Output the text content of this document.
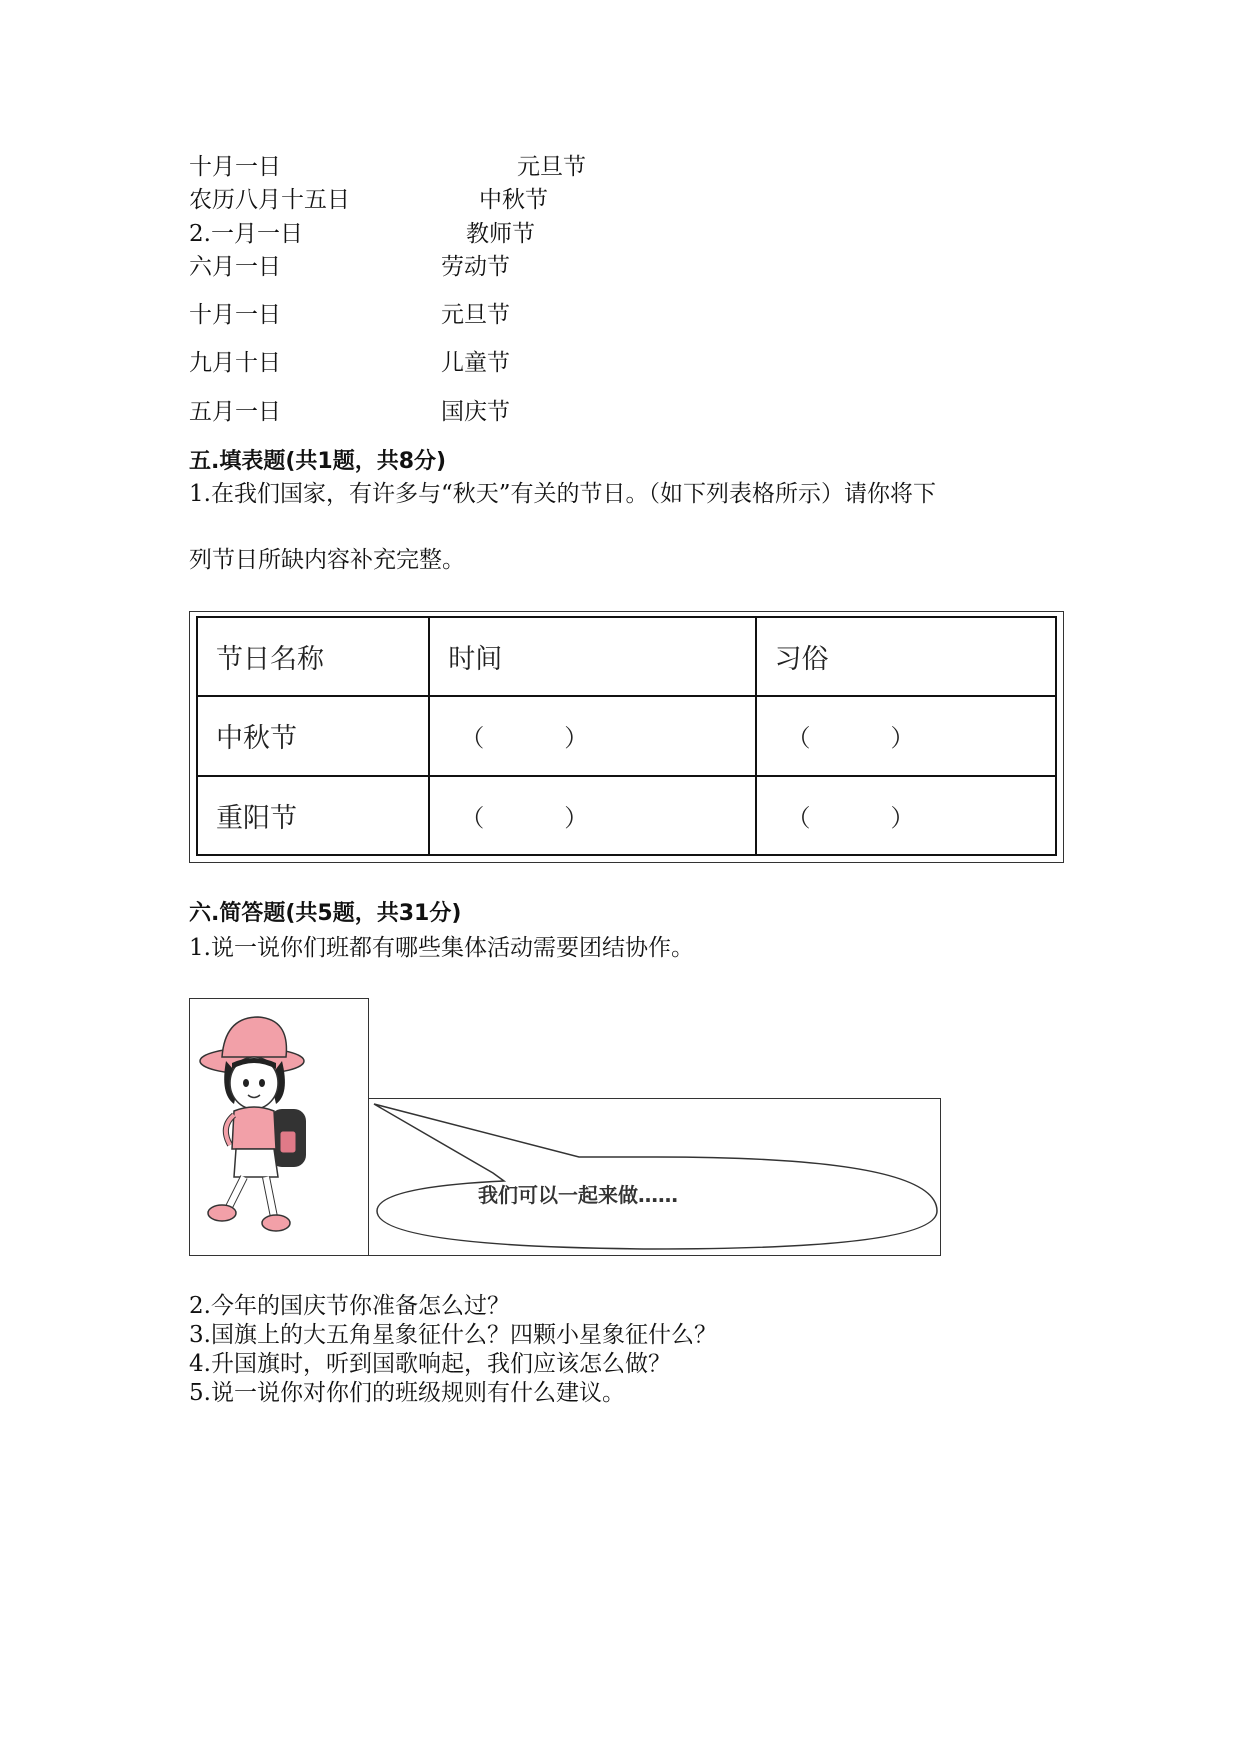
十月一日	元旦节
农历八月十五日	中秋节
2.一月一日	教师节
六月一日	劳动节
十月一日	元旦节
九月十日	儿童节
五月一日	国庆节
五.填表题(共1题，共8分)
1.在我们国家，有许多与“秋天”有关的节日。（如下列表格所示）请你将下
列节日所缺内容补充完整。
节日名称	时间	习俗
中秋节	（　　　）	（　　　）
重阳节	（　　　）	（　　　）
六.简答题(共5题，共31分)
1.说一说你们班都有哪些集体活动需要团结协作。
我们可以一起来做……
2.今年的国庆节你准备怎么过？
3.国旗上的大五角星象征什么？四颗小星象征什么？
4.升国旗时，听到国歌响起，我们应该怎么做？
5.说一说你对你们的班级规则有什么建议。
